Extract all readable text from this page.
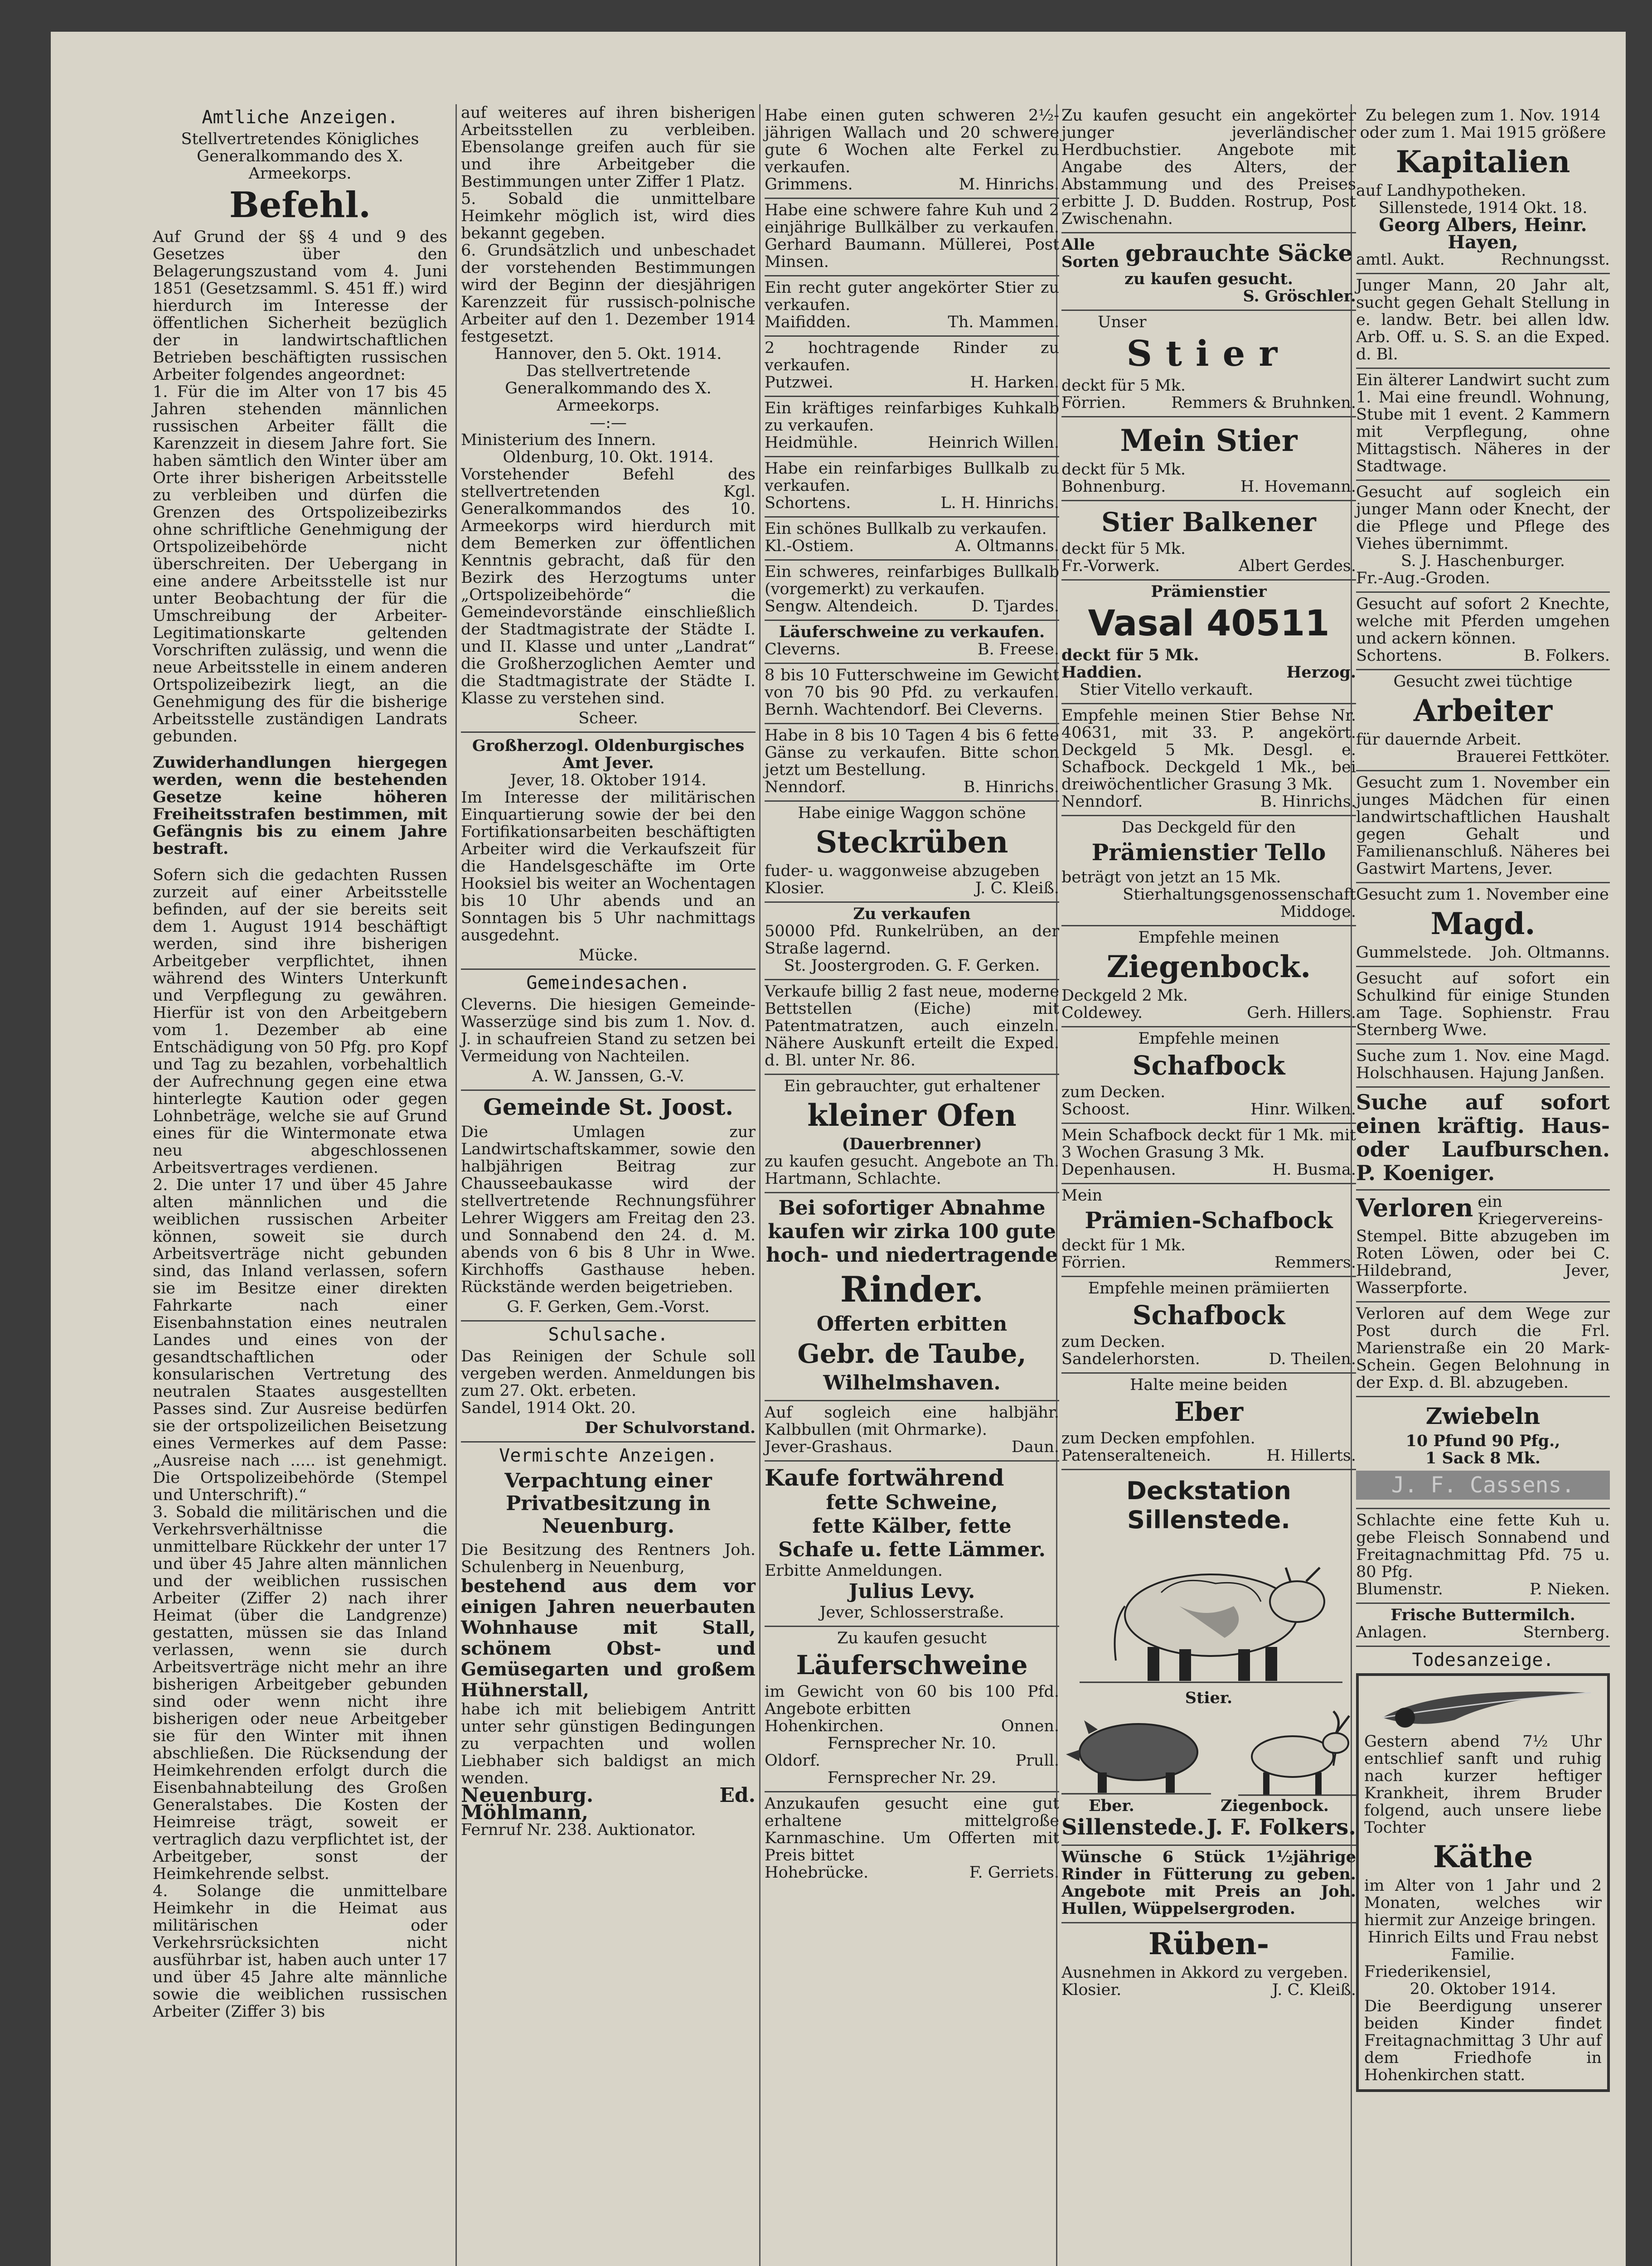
Amtliche Anzeigen.

Stellvertretendes Königliches Generalkommando des X. Armeekorps.

Befehl.

Auf Grund der §§ 4 und 9 des Gesetzes über den Belagerungszustand vom 4. Juni 1851 (Gesetzsamml. S. 451 ff.) wird hierdurch im Interesse der öffentlichen Sicherheit bezüglich der in landwirtschaftlichen Betrieben beschäftigten russischen Arbeiter folgendes angeordnet:

1. Für die im Alter von 17 bis 45 Jahren stehenden männlichen russischen Arbeiter fällt die Karenzzeit in diesem Jahre fort. Sie haben sämtlich den Winter über am Orte ihrer bisherigen Arbeitsstelle zu verbleiben und dürfen die Grenzen des Ortspolizeibezirks ohne schriftliche Genehmigung der Ortspolizeibehörde nicht überschreiten. Der Uebergang in eine andere Arbeitsstelle ist nur unter Beobachtung der für die Umschreibung der Arbeiter-Legitimationskarte geltenden Vorschriften zulässig, und wenn die neue Arbeitsstelle in einem anderen Ortspolizeibezirk liegt, an die Genehmigung des für die bisherige Arbeitsstelle zuständigen Landrats gebunden.

Zuwiderhandlungen hiergegen werden, wenn die bestehenden Gesetze keine höheren Freiheitsstrafen bestimmen, mit Gefängnis bis zu einem Jahre bestraft.

Sofern sich die gedachten Russen zurzeit auf einer Arbeitsstelle befinden, auf der sie bereits seit dem 1. August 1914 beschäftigt werden, sind ihre bisherigen Arbeitgeber verpflichtet, ihnen während des Winters Unterkunft und Verpflegung zu gewähren. Hierfür ist von den Arbeitgebern vom 1. Dezember ab eine Entschädigung von 50 Pfg. pro Kopf und Tag zu bezahlen, vorbehaltlich der Aufrechnung gegen eine etwa hinterlegte Kaution oder gegen Lohnbeträge, welche sie auf Grund eines für die Wintermonate etwa neu abgeschlossenen Arbeitsvertrages verdienen.

2. Die unter 17 und über 45 Jahre alten männlichen und die weiblichen russischen Arbeiter können, soweit sie durch Arbeitsverträge nicht gebunden sind, das Inland verlassen, sofern sie im Besitze einer direkten Fahrkarte nach einer Eisenbahnstation eines neutralen Landes und eines von der gesandtschaftlichen oder konsularischen Vertretung des neutralen Staates ausgestellten Passes sind. Zur Ausreise bedürfen sie der ortspolizeilichen Beisetzung eines Vermerkes auf dem Passe: „Ausreise nach ..... ist genehmigt. Die Ortspolizeibehörde (Stempel und Unterschrift).“

3. Sobald die militärischen und die Verkehrsverhältnisse die unmittelbare Rückkehr der unter 17 und über 45 Jahre alten männlichen und der weiblichen russischen Arbeiter (Ziffer 2) nach ihrer Heimat (über die Landgrenze) gestatten, müssen sie das Inland verlassen, wenn sie durch Arbeitsverträge nicht mehr an ihre bisherigen Arbeitgeber gebunden sind oder wenn nicht ihre bisherigen oder neue Arbeitgeber sie für den Winter mit ihnen abschließen. Die Rücksendung der Heimkehrenden erfolgt durch die Eisenbahnabteilung des Großen Generalstabes. Die Kosten der Heimreise trägt, soweit er vertraglich dazu verpflichtet ist, der Arbeitgeber, sonst der Heimkehrende selbst.

4. Solange die unmittelbare Heimkehr in die Heimat aus militärischen oder Verkehrsrücksichten nicht ausführbar ist, haben auch unter 17 und über 45 Jahre alte männliche sowie die weiblichen russischen Arbeiter (Ziffer 3) bis

auf weiteres auf ihren bisherigen Arbeitsstellen zu verbleiben. Ebensolange greifen auch für sie und ihre Arbeitgeber die Bestimmungen unter Ziffer 1 Platz.

5. Sobald die unmittelbare Heimkehr möglich ist, wird dies bekannt gegeben.

6. Grundsätzlich und unbeschadet der vorstehenden Bestimmungen wird der Beginn der diesjährigen Karenzzeit für russisch-polnische Arbeiter auf den 1. Dezember 1914 festgesetzt.

Hannover, den 5. Okt. 1914.

Das stellvertretende Generalkommando des X. Armeekorps.

—:—

Ministerium des Innern.

Oldenburg, 10. Okt. 1914.

Vorstehender Befehl des stellvertretenden Kgl. Generalkommandos des 10. Armeekorps wird hierdurch mit dem Bemerken zur öffentlichen Kenntnis gebracht, daß für den Bezirk des Herzogtums unter „Ortspolizeibehörde“ die Gemeindevorstände einschließlich der Stadtmagistrate der Städte I. und II. Klasse und unter „Landrat“ die Großherzoglichen Aemter und die Stadtmagistrate der Städte I. Klasse zu verstehen sind.

Scheer.

Großherzogl. Oldenburgisches Amt Jever.

Jever, 18. Oktober 1914.

Im Interesse der militärischen Einquartierung sowie der bei den Fortifikationsarbeiten beschäftigten Arbeiter wird die Verkaufszeit für die Handelsgeschäfte im Orte Hooksiel bis weiter an Wochentagen bis 10 Uhr abends und an Sonntagen bis 5 Uhr nachmittags ausgedehnt.

Mücke.

Gemeindesachen.

Cleverns. Die hiesigen Gemeinde-Wasserzüge sind bis zum 1. Nov. d. J. in schaufreien Stand zu setzen bei Vermeidung von Nachteilen.

A. W. Janssen, G.-V.

Gemeinde St. Joost.

Die Umlagen zur Landwirtschaftskammer, sowie den halbjährigen Beitrag zur Chausseebaukasse wird der stellvertretende Rechnungsführer Lehrer Wiggers am Freitag den 23. und Sonnabend den 24. d. M. abends von 6 bis 8 Uhr in Wwe. Kirchhoffs Gasthause heben. Rückstände werden beigetrieben.

G. F. Gerken, Gem.-Vorst.

Schulsache.

Das Reinigen der Schule soll vergeben werden. Anmeldungen bis zum 27. Okt. erbeten.

Sandel, 1914 Okt. 20.

Der Schulvorstand.

Vermischte Anzeigen.
Verpachtung einer Privatbesitzung in Neuenburg.

Die Besitzung des Rentners Joh. Schulenberg in Neuenburg,

bestehend aus dem vor einigen Jahren neuerbauten Wohnhause mit Stall, schönem Obst- und Gemüsegarten und großem Hühnerstall,

habe ich mit beliebigem Antritt unter sehr günstigen Bedingungen zu verpachten und wollen Liebhaber sich baldigst an mich wenden.

Neuenburg. Ed. Möhlmann,

Fernruf Nr. 238. Auktionator.

Habe einen guten schweren 2½-jährigen Wallach und 20 schwere gute 6 Wochen alte Ferkel zu verkaufen.

Grimmens.	M. Hinrichs.

Habe eine schwere fahre Kuh und 2 einjährige Bullkälber zu verkaufen. Gerhard Baumann. Müllerei, Post Minsen.

Ein recht guter angekörter Stier zu verkaufen.

Maifidden.	Th. Mammen.

2 hochtragende Rinder zu verkaufen.

Putzwei.	H. Harken.

Ein kräftiges reinfarbiges Kuhkalb zu verkaufen.

Heidmühle.	Heinrich Willen.

Habe ein reinfarbiges Bullkalb zu verkaufen.

Schortens.	L. H. Hinrichs.

Ein schönes Bullkalb zu verkaufen.

Kl.-Ostiem.	A. Oltmanns.

Ein schweres, reinfarbiges Bullkalb (vorgemerkt) zu verkaufen.

Sengw. Altendeich.	D. Tjardes.

Läuferschweine zu verkaufen.

Cleverns.	B. Freese.

8 bis 10 Futterschweine im Gewicht von 70 bis 90 Pfd. zu verkaufen. Bernh. Wachtendorf. Bei Cleverns.

Habe in 8 bis 10 Tagen 4 bis 6 fette Gänse zu verkaufen. Bitte schon jetzt um Bestellung.

Nenndorf.	B. Hinrichs.

Habe einige Waggon schöne

Steckrüben

fuder- u. waggonweise abzugeben

Klosier.	J. C. Kleiß.

Zu verkaufen

50000 Pfd. Runkelrüben, an der Straße lagernd.

St. Joostergroden. G. F. Gerken.

Verkaufe billig 2 fast neue, moderne Bettstellen (Eiche) mit Patentmatratzen, auch einzeln. Nähere Auskunft erteilt die Exped. d. Bl. unter Nr. 86.

Ein gebrauchter, gut erhaltener

kleiner Ofen

(Dauerbrenner)

zu kaufen gesucht. Angebote an Th. Hartmann, Schlachte.

Bei sofortiger Abnahme
kaufen wir zirka 100 gute
hoch- und niedertragende
Rinder.
Offerten erbitten
Gebr. de Taube,
Wilhelmshaven.

Auf sogleich eine halbjähr. Kalbbullen (mit Ohrmarke).

Jever-Grashaus.	Daun.
Kaufe fortwährend
fette Schweine,
fette Kälber, fette
Schafe u. fette Lämmer.

Erbitte Anmeldungen.

Julius Levy.

Jever, Schlosserstraße.

Zu kaufen gesucht

Läuferschweine

im Gewicht von 60 bis 100 Pfd. Angebote erbitten

Hohenkirchen.	Onnen.

Fernsprecher Nr. 10.

Oldorf.	Prull.

Fernsprecher Nr. 29.

Anzukaufen gesucht eine gut erhaltene mittelgroße Karnmaschine. Um Offerten mit Preis bittet

Hohebrücke.	F. Gerriets.

Zu kaufen gesucht ein angekörter junger jeverländischer Herdbuchstier. Angebote mit Angabe des Alters, der Abstammung und des Preises erbitte J. D. Budden. Rostrup, Post Zwischenahn.

Alle
Sorten gebrauchte Säcke

zu kaufen gesucht.

S. Gröschler.

Unser

Stier

deckt für 5 Mk.

Förrien.	Remmers & Bruhnken.
Mein Stier

deckt für 5 Mk.

Bohnenburg.	H. Hovemann.
Stier Balkener

deckt für 5 Mk.

Fr.-Vorwerk.	Albert Gerdes.

Prämienstier

Vasal 40511

deckt für 5 Mk.

Haddien.	Herzog.

Stier Vitello verkauft.

Empfehle meinen Stier Behse Nr. 40631, mit 33. P. angekört. Deckgeld 5 Mk. Desgl. e. Schafbock. Deckgeld 1 Mk., bei dreiwöchentlicher Grasung 3 Mk.

Nenndorf.	B. Hinrichs.

Das Deckgeld für den

Prämienstier Tello

beträgt von jetzt an 15 Mk.

Stierhaltungsgenossenschaft Middoge.

Empfehle meinen

Ziegenbock.

Deckgeld 2 Mk.

Coldewey.	Gerh. Hillers.

Empfehle meinen

Schafbock

zum Decken.

Schoost.	Hinr. Wilken.

Mein Schafbock deckt für 1 Mk. mit 3 Wochen Grasung 3 Mk.

Depenhausen.	H. Busma.

Mein

Prämien-Schafbock

deckt für 1 Mk.

Förrien.	Remmers.

Empfehle meinen prämiierten

Schafbock

zum Decken.

Sandelerhorsten.	D. Theilen.

Halte meine beiden

Eber

zum Decken empfohlen.

Patenseralteneich.	H. Hillerts.
Deckstation Sillenstede.

Stier.

Eber.	Ziegenbock.
Sillenstede. J. F. Folkers.

Wünsche 6 Stück 1½jährige Rinder in Fütterung zu geben. Angebote mit Preis an Joh. Hullen, Wüppelsergroden.

Rüben-

Ausnehmen in Akkord zu vergeben.

Klosier.	J. C. Kleiß.

Zu belegen zum 1. Nov. 1914 oder zum 1. Mai 1915 größere

Kapitalien

auf Landhypotheken.

Sillenstede, 1914 Okt. 18.

Georg Albers, Heinr. Hayen,

amtl. Aukt.	Rechnungsst.

Junger Mann, 20 Jahr alt, sucht gegen Gehalt Stellung in e. landw. Betr. bei allen ldw. Arb. Off. u. S. S. an die Exped. d. Bl.

Ein älterer Landwirt sucht zum 1. Mai eine freundl. Wohnung, Stube mit 1 event. 2 Kammern mit Verpflegung, ohne Mittagstisch. Näheres in der Stadtwage.

Gesucht auf sogleich ein junger Mann oder Knecht, der die Pflege und Pflege des Viehes übernimmt.

S. J. Haschenburger.

Fr.-Aug.-Groden.

Gesucht auf sofort 2 Knechte, welche mit Pferden umgehen und ackern können.

Schortens.	B. Folkers.

Gesucht zwei tüchtige

Arbeiter

für dauernde Arbeit.

Brauerei Fettköter.

Gesucht zum 1. November ein junges Mädchen für einen landwirtschaftlichen Haushalt gegen Gehalt und Familienanschluß. Näheres bei Gastwirt Martens, Jever.

Gesucht zum 1. November eine

Magd.
Gummelstede. Joh. Oltmanns.

Gesucht auf sofort ein Schulkind für einige Stunden am Tage. Sophienstr. Frau Sternberg Wwe.

Suche zum 1. Nov. eine Magd. Holschhausen. Hajung Janßen.

Suche auf sofort einen kräftig. Haus- oder Laufburschen. P. Koeniger.

Verloren ein Kriegervereins-Stempel. Bitte abzugeben im Roten Löwen, oder bei C. Hildebrand, Jever, Wasserpforte.

Verloren auf dem Wege zur Post durch die Frl. Marienstraße ein 20 Mark-Schein. Gegen Belohnung in der Exp. d. Bl. abzugeben.

Zwiebeln

10 Pfund 90 Pfg.,

1 Sack 8 Mk.

J. F. Cassens.

Schlachte eine fette Kuh u. gebe Fleisch Sonnabend und Freitagnachmittag Pfd. 75 u. 80 Pfg.

Blumenstr.	P. Nieken.

Frische Buttermilch.

Anlagen.	Sternberg.
Todesanzeige.

Gestern abend 7½ Uhr entschlief sanft und ruhig nach kurzer heftiger Krankheit, ihrem Bruder folgend, auch unsere liebe Tochter

Käthe

im Alter von 1 Jahr und 2 Monaten, welches wir hiermit zur Anzeige bringen.

Hinrich Eilts und Frau nebst Familie.

Friederikensiel,

20. Oktober 1914.

Die Beerdigung unserer beiden Kinder findet Freitagnachmittag 3 Uhr auf dem Friedhofe in Hohenkirchen statt.
